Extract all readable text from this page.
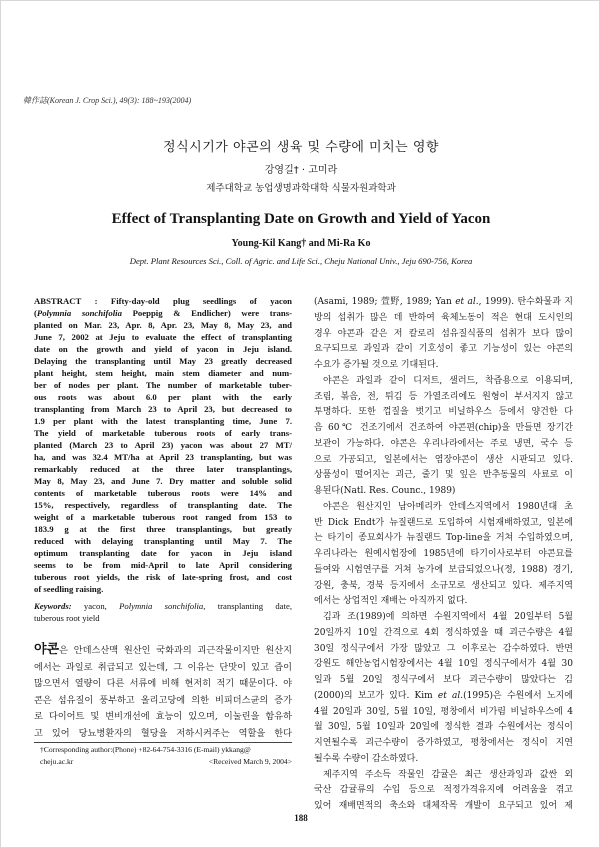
韓作誌(Korean J. Crop Sci.), 49(3): 188~193(2004)
정식시기가 야콘의 생육 및 수량에 미치는 영향
강영길† · 고미라
제주대학교 농업생명과학대학 식물자원과학과
Effect of Transplanting Date on Growth and Yield of Yacon
Young-Kil Kang† and Mi-Ra Ko
Dept. Plant Resources Sci., Coll. of Agric. and Life Sci., Cheju National Univ., Jeju 690-756, Korea
ABSTRACT : Fifty-day-old plug seedlings of yacon
(Polymnia sonchifolia Poeppig & Endlicher) were trans-
planted on Mar. 23, Apr. 8, Apr. 23, May 8, May 23, and
June 7, 2002 at Jeju to evaluate the effect of transplanting
date on the growth and yield of yacon in Jeju island.
Delaying the transplanting until May 23 greatly decreased
plant height, stem height, main stem diameter and num-
ber of nodes per plant. The number of marketable tuber-
ous roots was about 6.0 per plant with the early
transplanting from March 23 to April 23, but decreased to
1.9 per plant with the latest transplanting time, June 7.
The yield of marketable tuberous roots of early trans-
planted (March 23 to April 23) yacon was about 27 MT/
ha, and was 32.4 MT/ha at April 23 transplanting, but was
remarkably reduced at the three later transplantings,
May 8, May 23, and June 7. Dry matter and soluble solid
contents of marketable tuberous roots were 14% and
15%, respectively, regardless of transplanting date. The
weight of a marketable tuberous root ranged from 153 to
183.9 g at the first three transplantings, but greatly
reduced with delaying transplanting until May 7. The
optimum transplanting date for yacon in Jeju island
seems to be from mid-April to late April considering
tuberous root yields, the risk of late-spring frost, and cost
of seedling raising.
Keywords: yacon, Polymnia sonchifolia, transplanting date,
tuberous root yield
야콘은 안데스산맥 원산인 국화과의 괴근작물이지만 원산지
에서는 과일로 취급되고 있는데, 그 이유는 단맛이 있고 즙이
많으면서 열량이 다른 서류에 비해 현저히 적기 때문이다. 야
콘은 섬유질이 풍부하고 올리고당에 의한 비피더스균의 증가
로 다이어트 및 변비개선에 효능이 있으며, 이눌린을 함유하
고 있어 당뇨병환자의 혈당을 저하시켜주는 역할을 한다
†Corresponding author:(Phone) +82-64-754-3316 (E-mail) ykkang@
cheju.ac.kr	<Received March 9, 2004>
(Asami, 1989; 萱野, 1989; Yan et al., 1999). 탄수화물과 지
방의 섭취가 많은 데 반하여 육체노동이 적은 현대 도시인의
경우 야콘과 같은 저 칼로리 섬유질식품의 섭취가 보다 많이
요구되므로 과일과 같이 기호성이 좋고 기능성이 있는 야콘의
수요가 증가될 것으로 기대된다.
야콘은 과일과 같이 디저트, 샐러드, 착즙용으로 이용되며,
조림, 볶음, 전, 튀김 등 가열조리에도 원형이 부서지지 않고
투명하다. 또한 껍질을 벗기고 비닐하우스 등에서 양건한 다
음 60℃ 건조기에서 건조하여 야콘편(chip)을 만들면 장기간
보관이 가능하다. 야콘은 우리나라에서는 주로 냉면, 국수 등
으로 가공되고, 일본에서는 염장야콘이 생산 시판되고 있다.
상품성이 떨어지는 괴근, 줄기 및 잎은 반추동물의 사료로 이
용된다(Natl. Res. Counc., 1989)
야콘은 원산지인 남아메리카 안데스지역에서 1980년대 초
반 Dick Endt가 뉴질랜드로 도입하여 시험재배하였고, 일본에
는 타기이 종묘회사가 뉴질랜드 Top-line을 거쳐 수입하였으며,
우리나라는 원예시험장에 1985년에 타기이사로부터 야콘묘를
들여와 시험연구를 거쳐 농가에 보급되었으나(정, 1988) 경기,
강원, 충북, 경북 등지에서 소규모로 생산되고 있다. 제주지역
에서는 상업적인 재배는 아직까지 없다.
김과 조(1989)에 의하면 수원지역에서 4월 20일부터 5월
20일까지 10일 간격으로 4회 정식하였을 때 괴근수량은 4월
30일 정식구에서 가장 많았고 그 이후로는 감수하였다. 반면
강원도 해안농업시험장에서는 4월 10일 정식구에서가 4월 30
일과 5월 20일 정식구에서 보다 괴근수량이 많았다는 김
(2000)의 보고가 있다. Kim et al.(1995)은 수원에서 노지에
4월 20일과 30일, 5월 10일, 평창에서 비가림 비닐하우스에 4
월 30일, 5월 10일과 20일에 정식한 결과 수원에서는 정식이
지연될수록 괴근수량이 증가하였고, 평창에서는 정식이 지연
될수록 수량이 감소하였다.
제주지역 주소득 작물인 감귤은 최근 생산과잉과 값싼 외
국산 감귤류의 수입 등으로 적정가격유지에 어려움을 겪고
있어 재배면적의 축소와 대체작목 개발이 요구되고 있어 제
188
